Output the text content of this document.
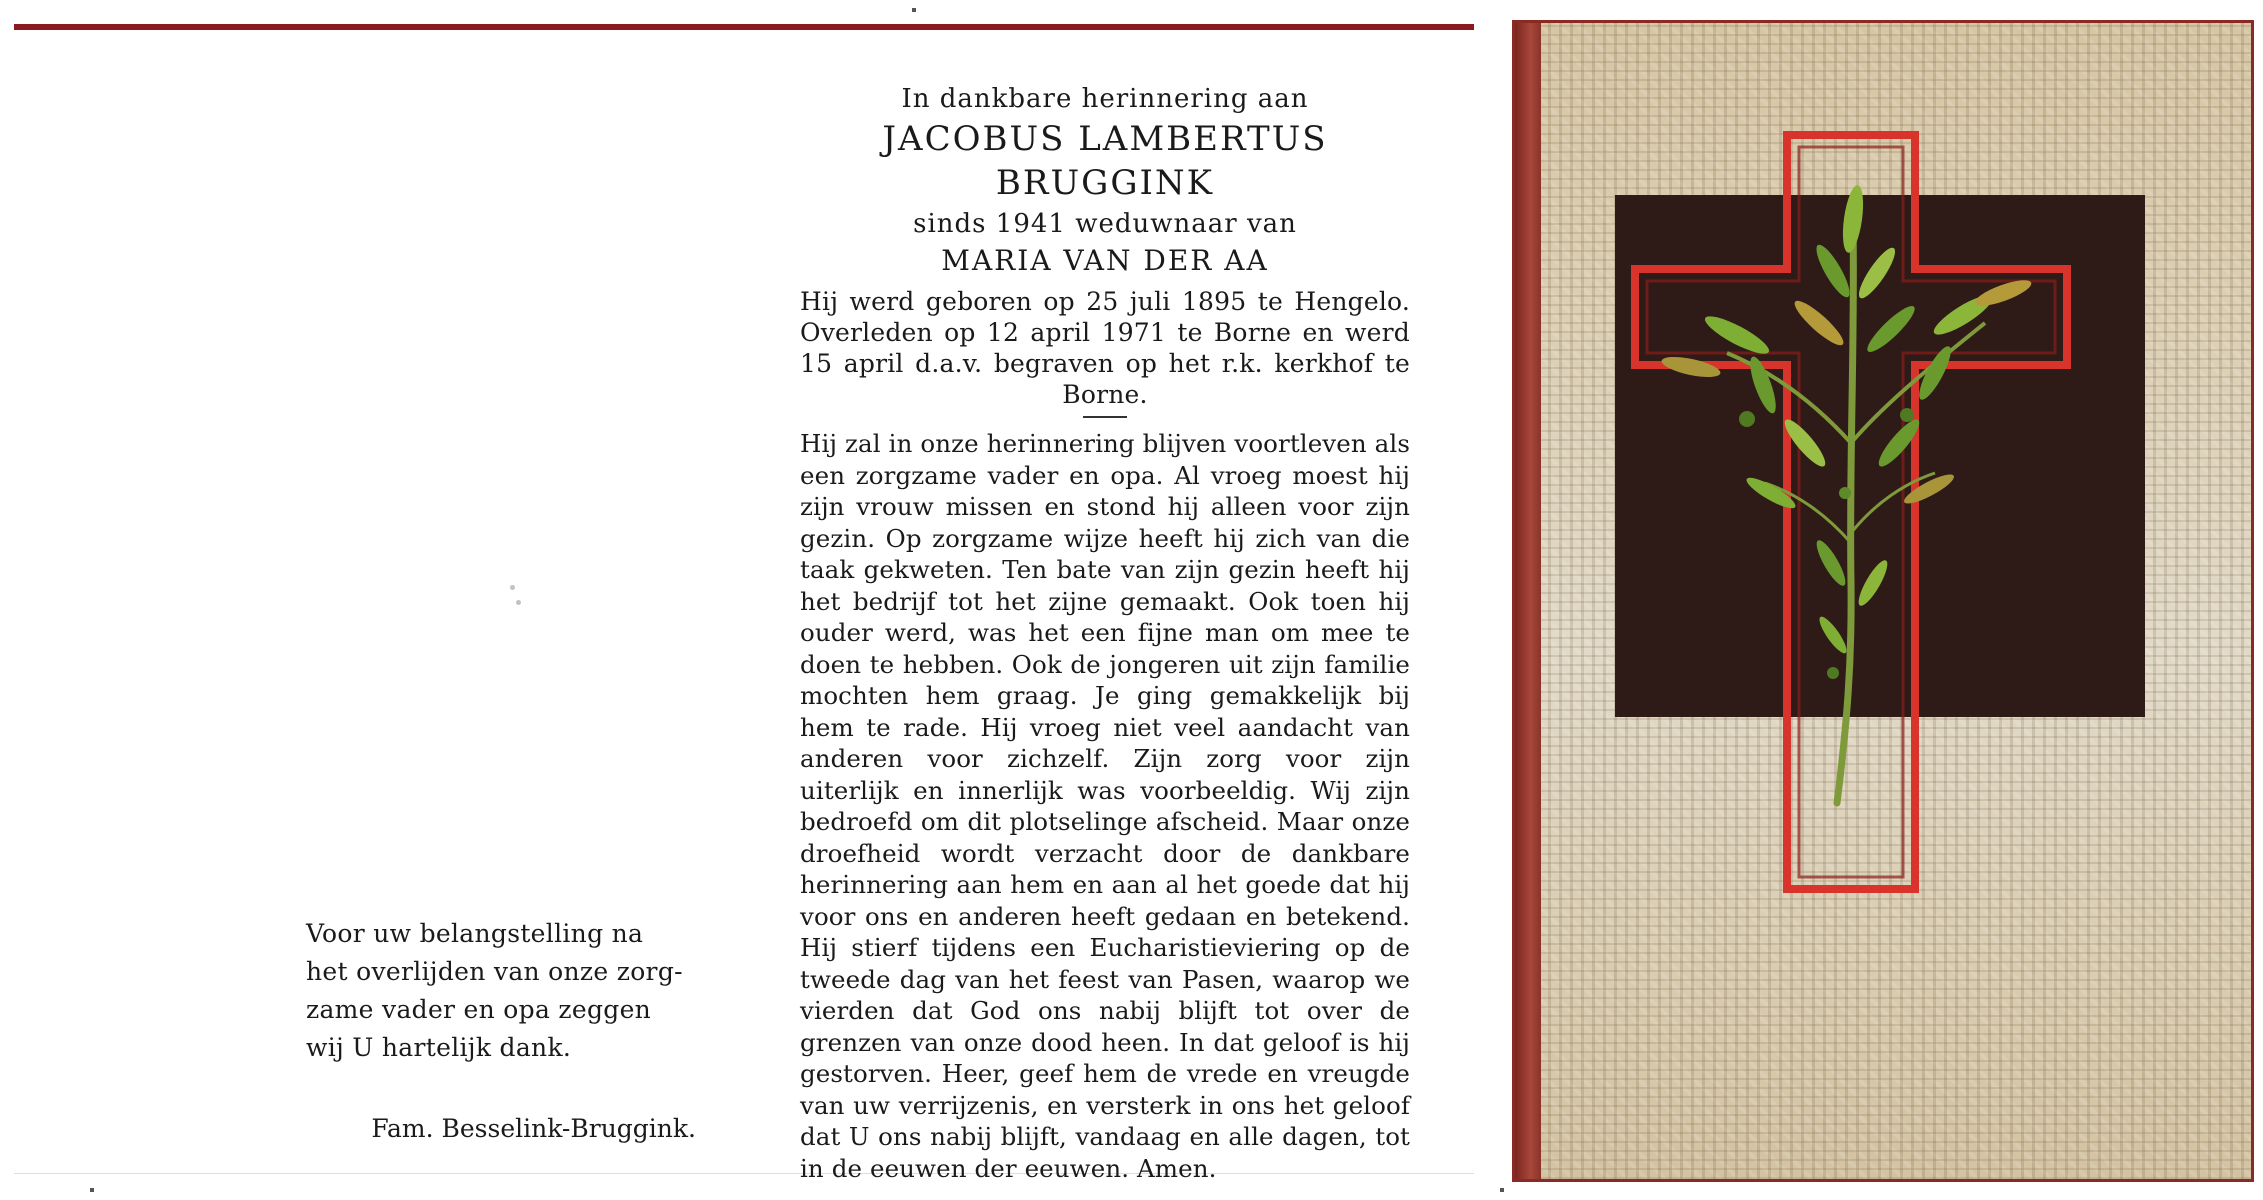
Voor uw belangstelling na

het overlijden van onze zorg-

zame vader en opa zeggen

wij U hartelijk dank.

Fam. Besselink-Bruggink.
In dankbare herinnering aan
JACOBUS LAMBERTUS BRUGGINK
sinds 1941 weduwnaar van
MARIA VAN DER AA
Hij werd geboren op 25 juli 1895 te Hengelo. Overleden op 12 april 1971 te Borne en werd 15 april d.a.v. begraven op het r.k. kerkhof te Borne.
Hij zal in onze herinnering blijven voortleven als een zorgzame vader en opa. Al vroeg moest hij zijn vrouw missen en stond hij alleen voor zijn gezin. Op zorgzame wijze heeft hij zich van die taak gekweten. Ten bate van zijn gezin heeft hij het bedrijf tot het zijne gemaakt. Ook toen hij ouder werd, was het een fijne man om mee te doen te hebben. Ook de jongeren uit zijn familie mochten hem graag. Je ging gemakkelijk bij hem te rade. Hij vroeg niet veel aandacht van anderen voor zichzelf. Zijn zorg voor zijn uiterlijk en innerlijk was voorbeeldig. Wij zijn bedroefd om dit plotselinge afscheid. Maar onze droefheid wordt verzacht door de dankbare herinnering aan hem en aan al het goede dat hij voor ons en anderen heeft gedaan en betekend. Hij stierf tijdens een Eucharistieviering op de tweede dag van het feest van Pasen, waarop we vierden dat God ons nabij blijft tot over de grenzen van onze dood heen. In dat geloof is hij gestorven. Heer, geef hem de vrede en vreugde van uw verrijzenis, en versterk in ons het geloof dat U ons nabij blijft, vandaag en alle dagen, tot in de eeuwen der eeuwen. Amen.
